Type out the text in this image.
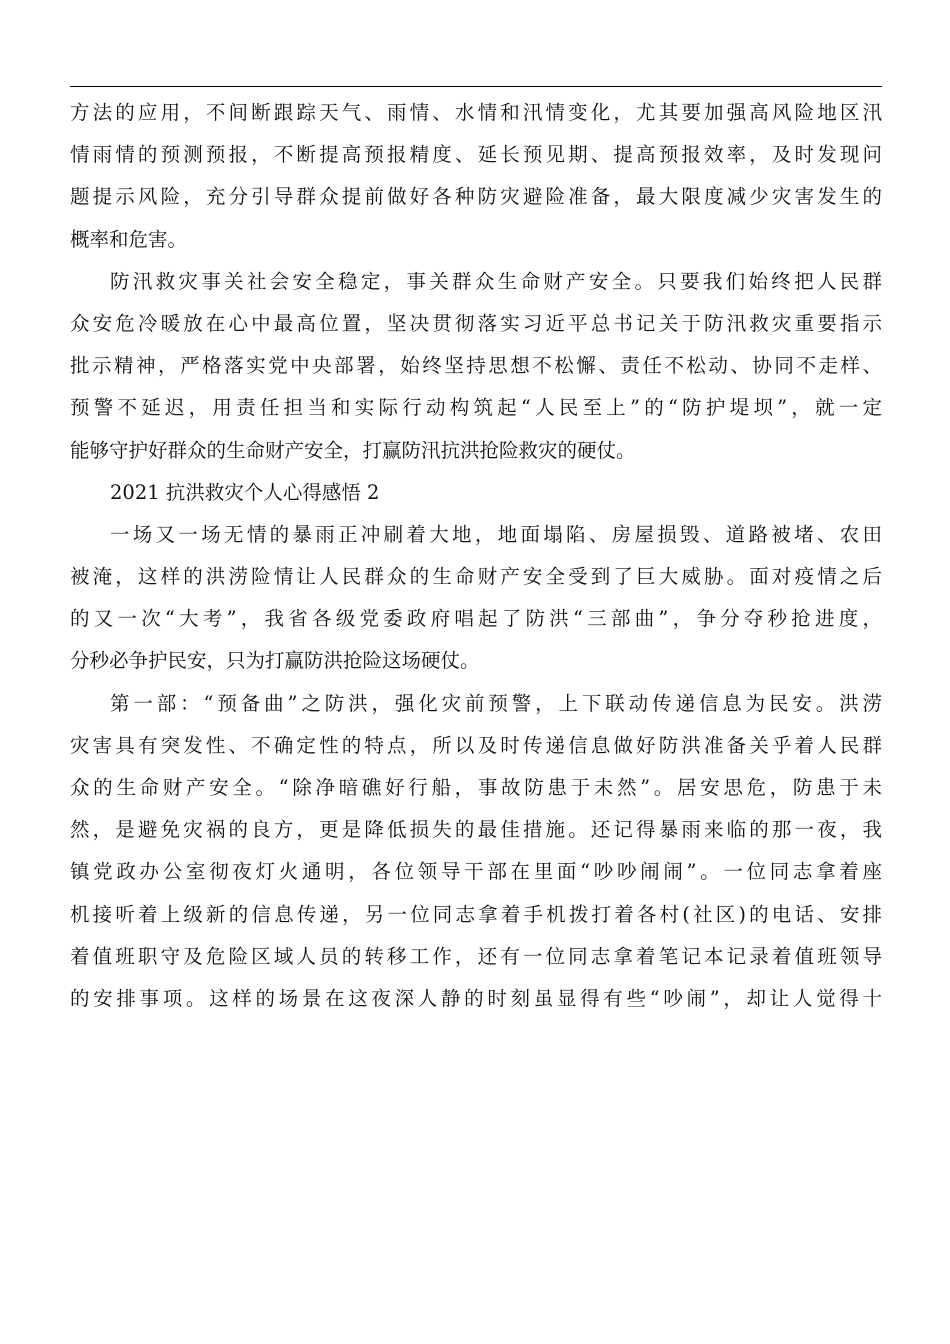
方法的应用，不间断跟踪天气、雨情、水情和汛情变化，尤其要加强高风险地区汛
情雨情的预测预报，不断提高预报精度、延长预见期、提高预报效率，及时发现问
题提示风险，充分引导群众提前做好各种防灾避险准备，最大限度减少灾害发生的
概率和危害。
防汛救灾事关社会安全稳定，事关群众生命财产安全。只要我们始终把人民群
众安危冷暖放在心中最高位置，坚决贯彻落实习近平总书记关于防汛救灾重要指示
批示精神，严格落实党中央部署，始终坚持思想不松懈、责任不松动、协同不走样、
预警不延迟，用责任担当和实际行动构筑起“人民至上”的“防护堤坝”，就一定
能够守护好群众的生命财产安全，打赢防汛抗洪抢险救灾的硬仗。
2021 抗洪救灾个人心得感悟 2
一场又一场无情的暴雨正冲刷着大地，地面塌陷、房屋损毁、道路被堵、农田
被淹，这样的洪涝险情让人民群众的生命财产安全受到了巨大威胁。面对疫情之后
的又一次“大考”，我省各级党委政府唱起了防洪“三部曲”，争分夺秒抢进度，
分秒必争护民安，只为打赢防洪抢险这场硬仗。
第一部：“预备曲”之防洪，强化灾前预警，上下联动传递信息为民安。洪涝
灾害具有突发性、不确定性的特点，所以及时传递信息做好防洪准备关乎着人民群
众的生命财产安全。“除净暗礁好行船，事故防患于未然”。居安思危，防患于未
然，是避免灾祸的良方，更是降低损失的最佳措施。还记得暴雨来临的那一夜，我
镇党政办公室彻夜灯火通明，各位领导干部在里面“吵吵闹闹”。一位同志拿着座
机接听着上级新的信息传递，另一位同志拿着手机拨打着各村(社区)的电话、安排
着值班职守及危险区域人员的转移工作，还有一位同志拿着笔记本记录着值班领导
的安排事项。这样的场景在这夜深人静的时刻虽显得有些“吵闹”，却让人觉得十
